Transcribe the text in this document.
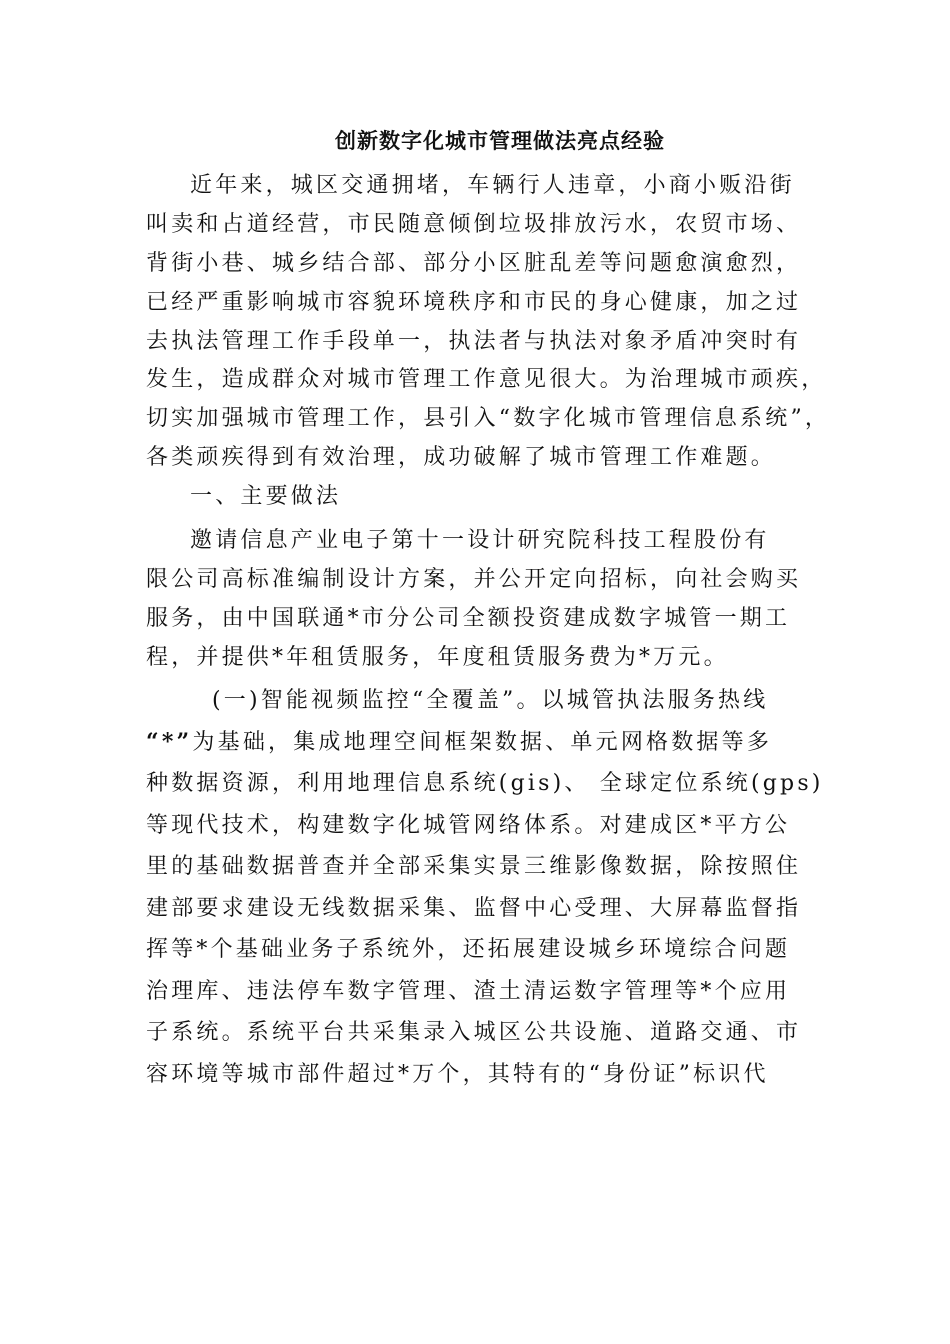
创新数字化城市管理做法亮点经验
近年来，城区交通拥堵，车辆行人违章，小商小贩沿街
叫卖和占道经营，市民随意倾倒垃圾排放污水，农贸市场、
背街小巷、城乡结合部、部分小区脏乱差等问题愈演愈烈，
已经严重影响城市容貌环境秩序和市民的身心健康，加之过
去执法管理工作手段单一，执法者与执法对象矛盾冲突时有
发生，造成群众对城市管理工作意见很大。为治理城市顽疾，
切实加强城市管理工作，县引入“数字化城市管理信息系统”，
各类顽疾得到有效治理，成功破解了城市管理工作难题。
一、主要做法
邀请信息产业电子第十一设计研究院科技工程股份有
限公司高标准编制设计方案，并公开定向招标，向社会购买
服务，由中国联通*市分公司全额投资建成数字城管一期工
程，并提供*年租赁服务，年度租赁服务费为*万元。
(一)智能视频监控“全覆盖”。以城管执法服务热线
“*”为基础，集成地理空间框架数据、单元网格数据等多
种数据资源，利用地理信息系统(gis)、 全球定位系统(gps)
等现代技术，构建数字化城管网络体系。对建成区*平方公
里的基础数据普查并全部采集实景三维影像数据，除按照住
建部要求建设无线数据采集、监督中心受理、大屏幕监督指
挥等*个基础业务子系统外，还拓展建设城乡环境综合问题
治理库、违法停车数字管理、渣土清运数字管理等*个应用
子系统。系统平台共采集录入城区公共设施、道路交通、市
容环境等城市部件超过*万个，其特有的“身份证”标识代
